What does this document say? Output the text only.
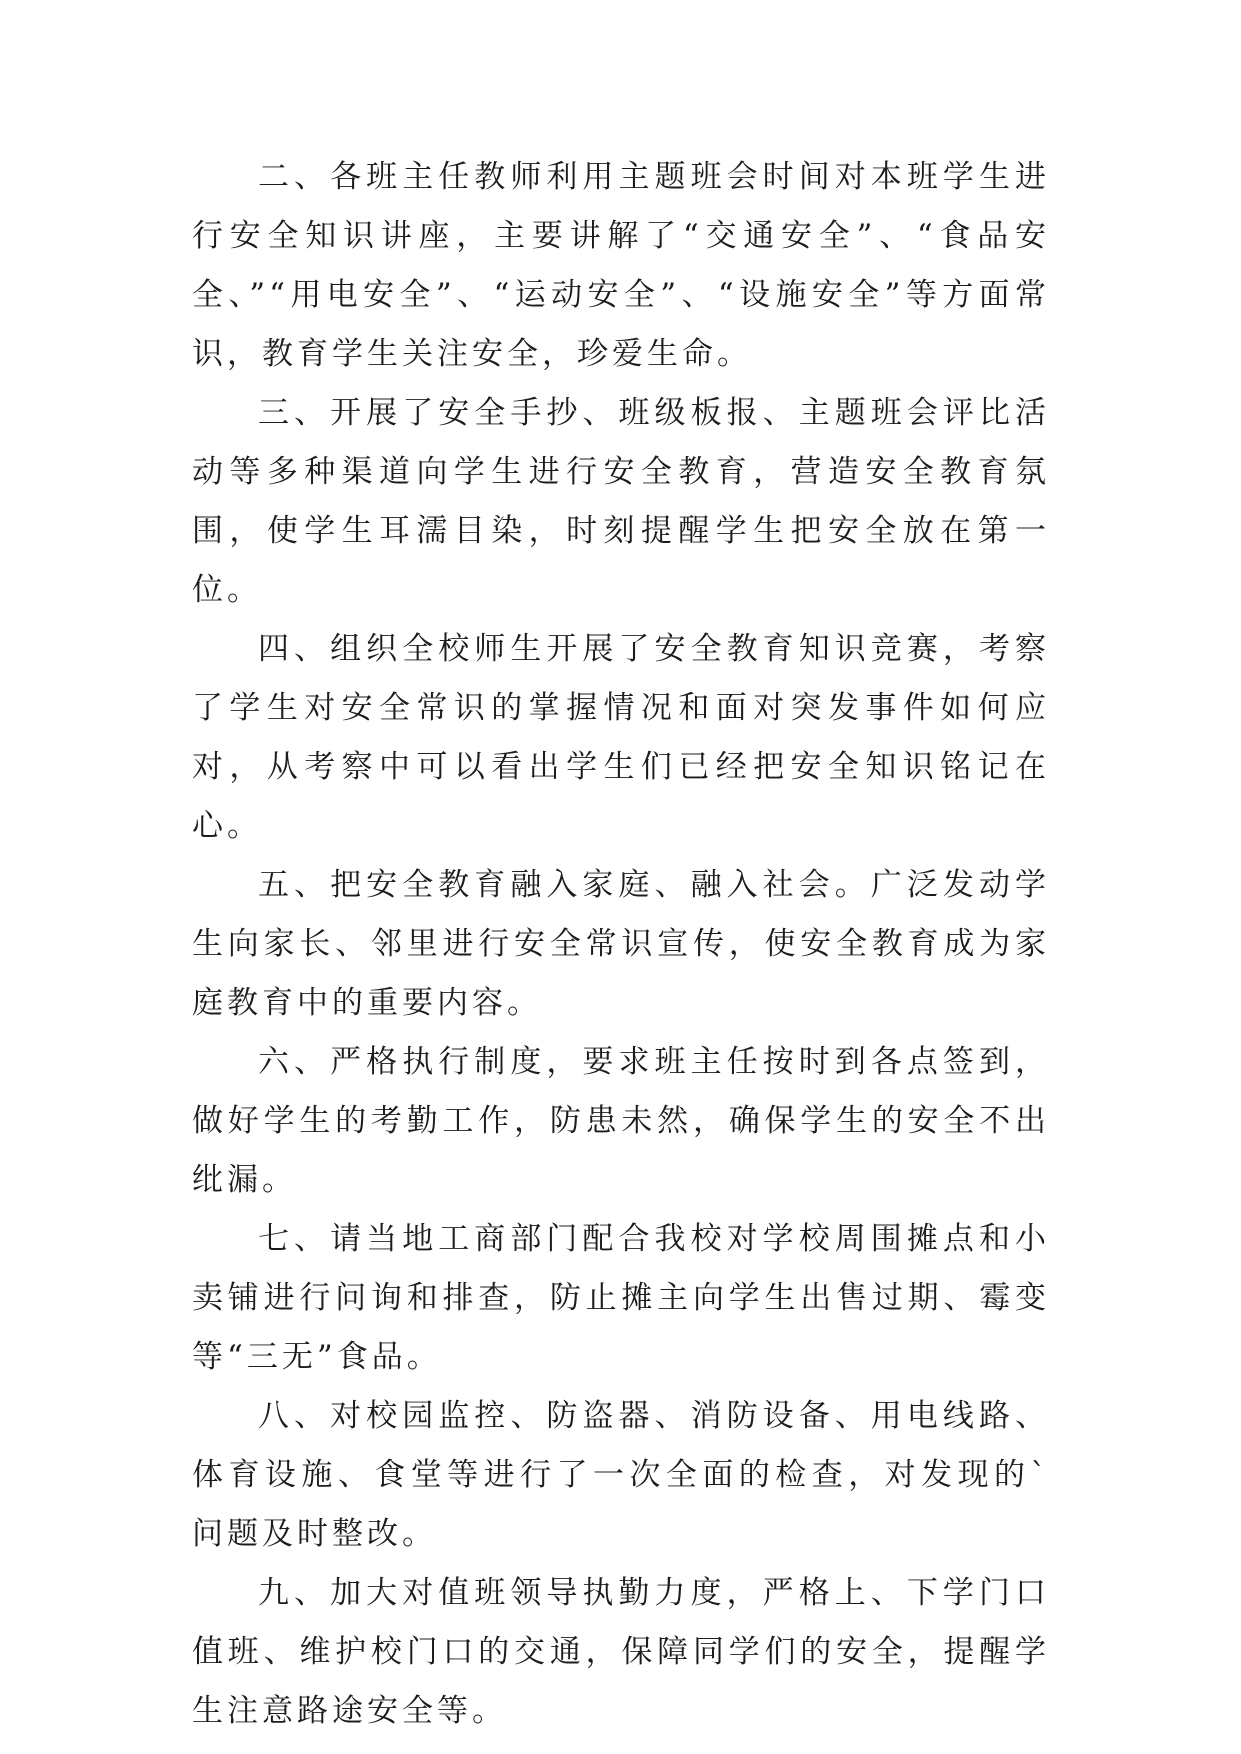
二、各班主任教师利用主题班会时间对本班学生进行安全知识讲座，主要讲解了“交通安全”、“食品安全、”“用电安全”、“运动安全”、“设施安全”等方面常识，教育学生关注安全，珍爱生命。

三、开展了安全手抄、班级板报、主题班会评比活动等多种渠道向学生进行安全教育，营造安全教育氛围，使学生耳濡目染，时刻提醒学生把安全放在第一位。

四、组织全校师生开展了安全教育知识竞赛，考察了学生对安全常识的掌握情况和面对突发事件如何应对，从考察中可以看出学生们已经把安全知识铭记在心。

五、把安全教育融入家庭、融入社会。广泛发动学生向家长、邻里进行安全常识宣传，使安全教育成为家庭教育中的重要内容。

六、严格执行制度，要求班主任按时到各点签到，做好学生的考勤工作，防患未然，确保学生的安全不出纰漏。

七、请当地工商部门配合我校对学校周围摊点和小卖铺进行问询和排查，防止摊主向学生出售过期、霉变等“三无”食品。

八、对校园监控、防盗器、消防设备、用电线路、体育设施、食堂等进行了一次全面的检查，对发现的`问题及时整改。

九、加大对值班领导执勤力度，严格上、下学门口值班、维护校门口的交通，保障同学们的安全，提醒学生注意路途安全等。
